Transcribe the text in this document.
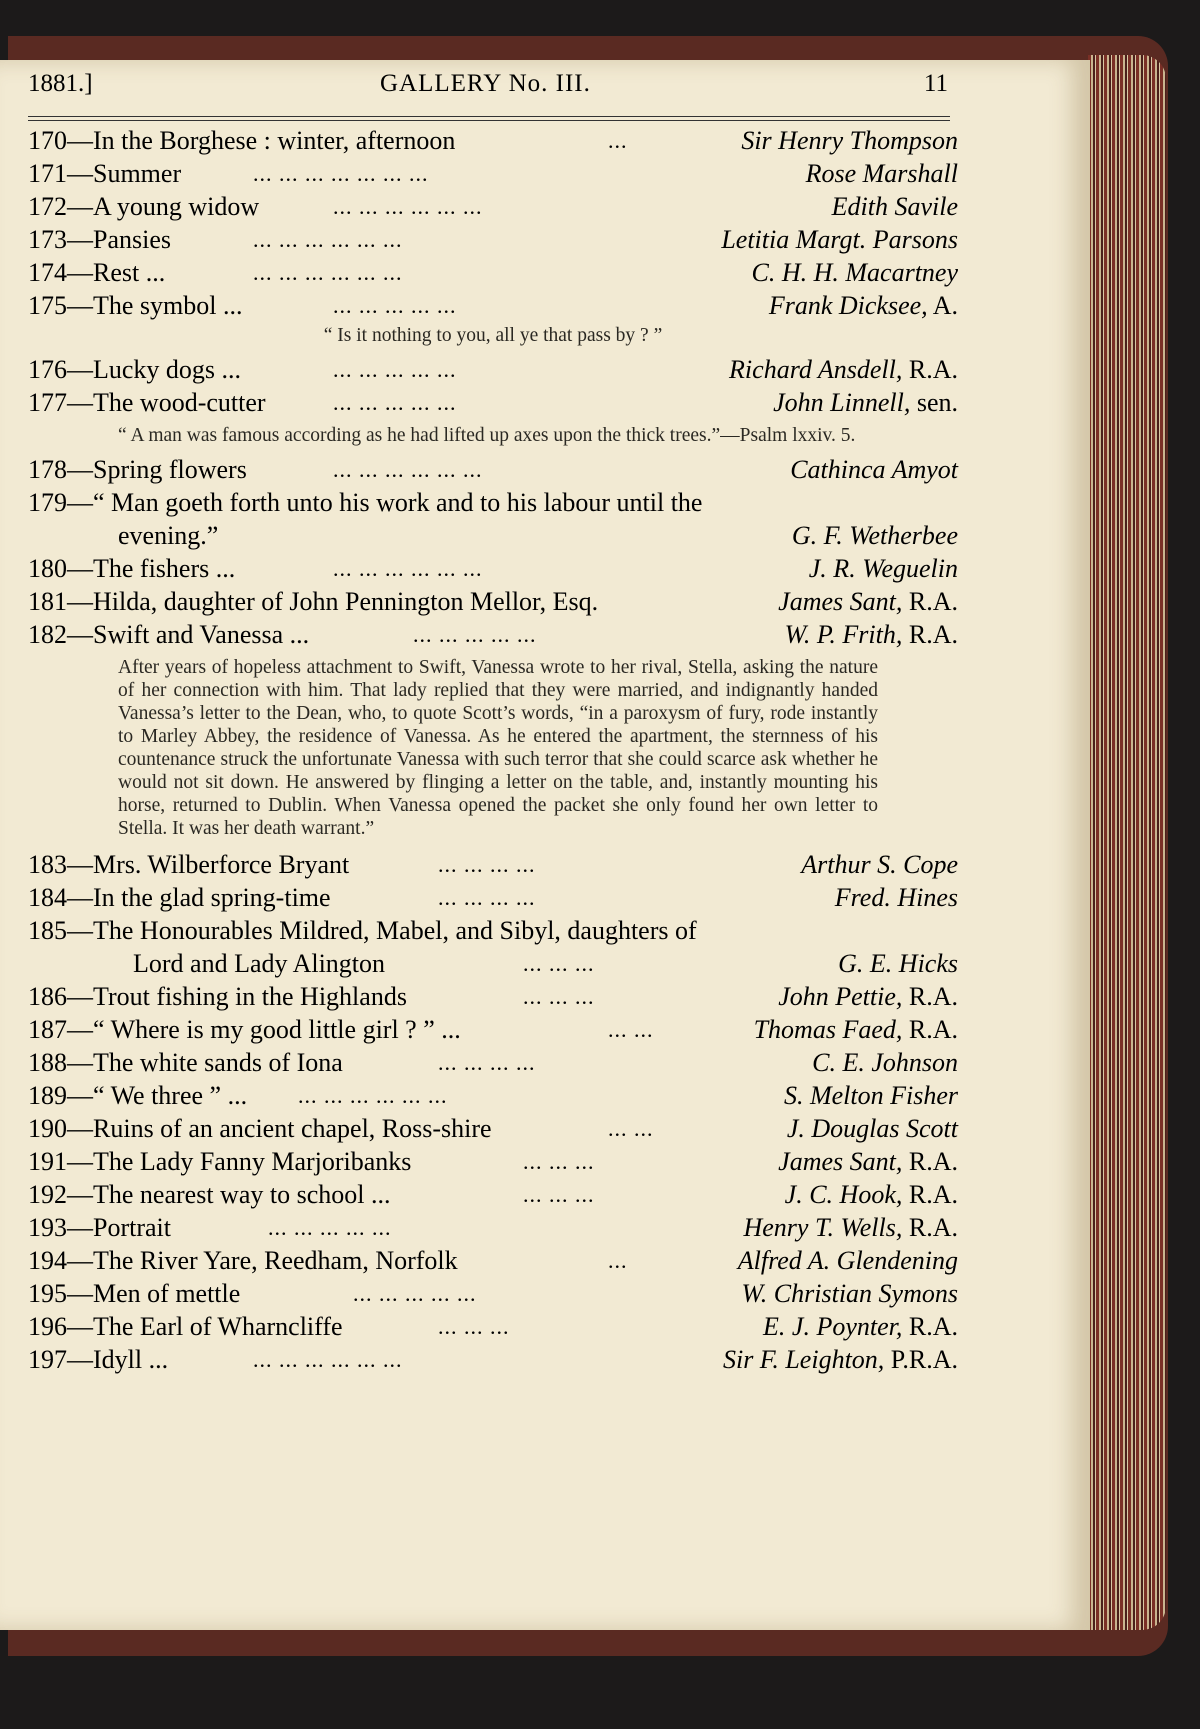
1881.]	GALLERY No. III.	11
170—In the Borghese : winter, afternoon	...	Sir Henry Thompson
171—Summer	... ... ... ... ... ... ...	Rose Marshall
172—A young widow	... ... ... ... ... ...	Edith Savile
173—Pansies	... ... ... ... ... ...	Letitia Margt. Parsons
174—Rest ...	... ... ... ... ... ...	C. H. H. Macartney
175—The symbol ...	... ... ... ... ...	Frank Dicksee, A.
“ Is it nothing to you, all ye that pass by ? ”
176—Lucky dogs ...	... ... ... ... ...	Richard Ansdell, R.A.
177—The wood-cutter	... ... ... ... ...	John Linnell, sen.
“ A man was famous according as he had lifted up axes upon the thick trees.”—Psalm lxxiv. 5.
178—Spring flowers	... ... ... ... ... ...	Cathinca Amyot
179—“ Man goeth forth unto his work and to his labour until the
evening.”	G. F. Wetherbee
180—The fishers ...	... ... ... ... ... ...	J. R. Weguelin
181—Hilda, daughter of John Pennington Mellor, Esq.	James Sant, R.A.
182—Swift and Vanessa ...	... ... ... ... ...	W. P. Frith, R.A.
After years of hopeless attachment to Swift, Vanessa wrote to her rival, Stella, asking the nature of her connection with him. That lady replied that they were married, and indignantly handed Vanessa’s letter to the Dean, who, to quote Scott’s words, “in a paroxysm of fury, rode instantly to Marley Abbey, the residence of Vanessa. As he entered the apartment, the sternness of his countenance struck the unfortunate Vanessa with such terror that she could scarce ask whether he would not sit down. He answered by flinging a letter on the table, and, instantly mounting his horse, returned to Dublin. When Vanessa opened the packet she only found her own letter to Stella. It was her death warrant.”
183—Mrs. Wilberforce Bryant	... ... ... ...	Arthur S. Cope
184—In the glad spring-time	... ... ... ...	Fred. Hines
185—The Honourables Mildred, Mabel, and Sibyl, daughters of
Lord and Lady Alington	... ... ...	G. E. Hicks
186—Trout fishing in the Highlands	... ... ...	John Pettie, R.A.
187—“ Where is my good little girl ? ” ...	... ...	Thomas Faed, R.A.
188—The white sands of Iona	... ... ... ...	C. E. Johnson
189—“ We three ” ... ... ... ... ... ... ...	S. Melton Fisher
190—Ruins of an ancient chapel, Ross-shire	... ...	J. Douglas Scott
191—The Lady Fanny Marjoribanks	... ... ...	James Sant, R.A.
192—The nearest way to school ...	... ... ...	J. C. Hook, R.A.
193—Portrait	... ... ... ... ...	Henry T. Wells, R.A.
194—The River Yare, Reedham, Norfolk	...	Alfred A. Glendening
195—Men of mettle	... ... ... ... ...	W. Christian Symons
196—The Earl of Wharncliffe	... ... ...	E. J. Poynter, R.A.
197—Idyll ...	... ... ... ... ... ...	Sir F. Leighton, P.R.A.
